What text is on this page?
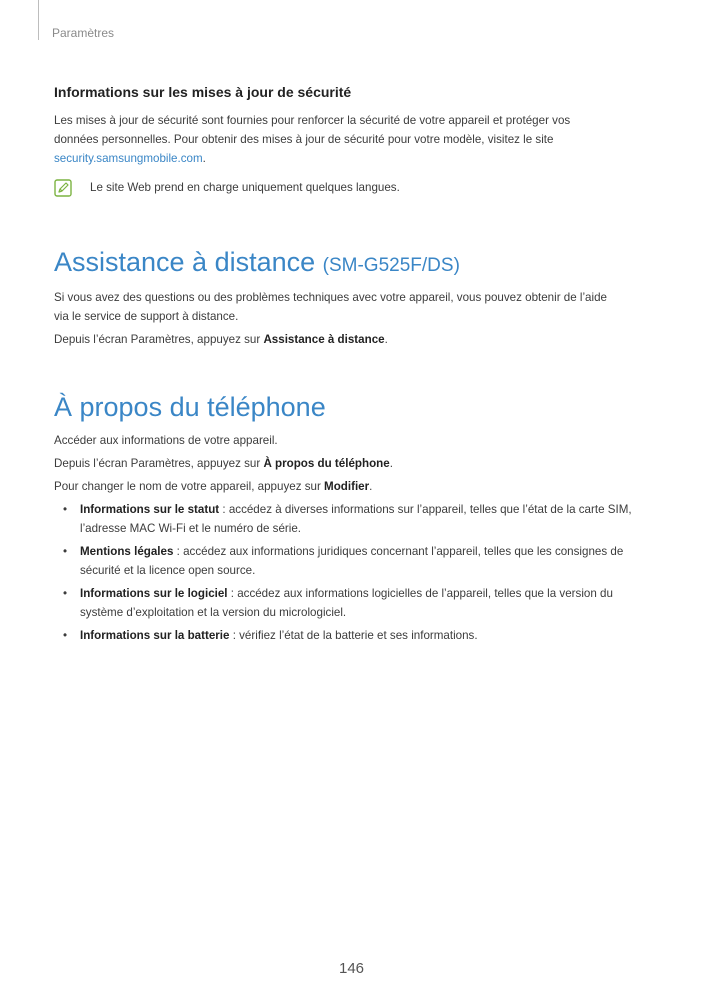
Paramètres
Informations sur les mises à jour de sécurité

Les mises à jour de sécurité sont fournies pour renforcer la sécurité de votre appareil et protéger vos
données personnelles. Pour obtenir des mises à jour de sécurité pour votre modèle, visitez le site
security.samsungmobile.com.

Le site Web prend en charge uniquement quelques langues.

Assistance à distance (SM-G525F/DS)

Si vous avez des questions ou des problèmes techniques avec votre appareil, vous pouvez obtenir de l’aide
via le service de support à distance.

Depuis l’écran Paramètres, appuyez sur Assistance à distance.

À propos du téléphone

Accéder aux informations de votre appareil.

Depuis l’écran Paramètres, appuyez sur À propos du téléphone.

Pour changer le nom de votre appareil, appuyez sur Modifier.

• Informations sur le statut : accédez à diverses informations sur l’appareil, telles que l’état de la carte SIM, l’adresse MAC Wi-Fi et le numéro de série.
• Mentions légales : accédez aux informations juridiques concernant l’appareil, telles que les consignes de sécurité et la licence open source.
• Informations sur le logiciel : accédez aux informations logicielles de l’appareil, telles que la version du système d’exploitation et la version du micrologiciel.
• Informations sur la batterie : vérifiez l’état de la batterie et ses informations.
146
